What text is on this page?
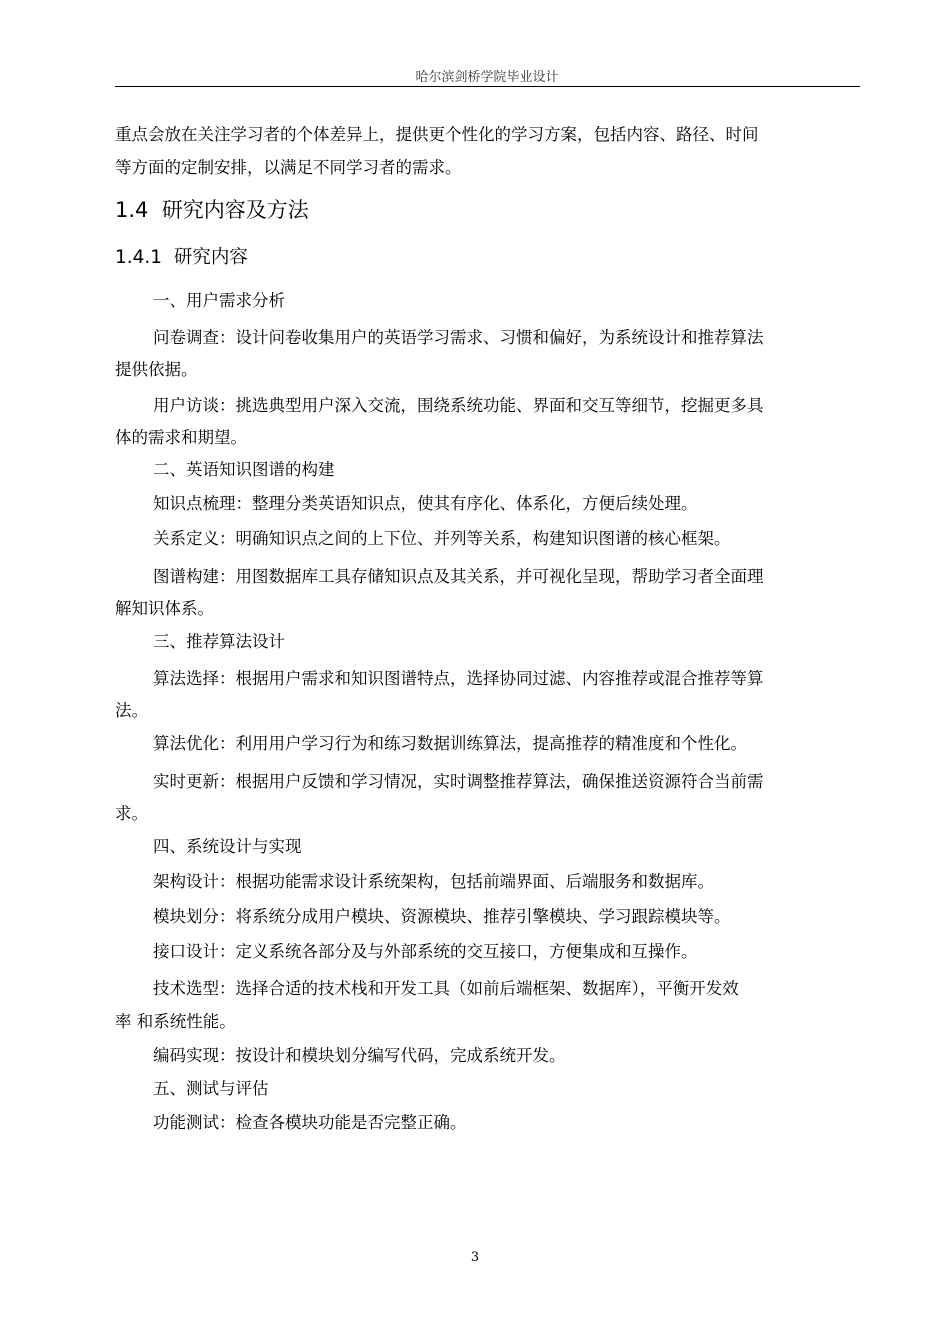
哈尔滨剑桥学院毕业设计
重点会放在关注学习者的个体差异上，提供更个性化的学习方案，包括内容、路径、时间
等方面的定制安排，以满足不同学习者的需求。
1.4 研究内容及方法
1.4.1 研究内容
一、用户需求分析
问卷调查：设计问卷收集用户的英语学习需求、习惯和偏好，为系统设计和推荐算法
提供依据。
用户访谈：挑选典型用户深入交流，围绕系统功能、界面和交互等细节，挖掘更多具
体的需求和期望。
二、英语知识图谱的构建
知识点梳理：整理分类英语知识点，使其有序化、体系化，方便后续处理。
关系定义：明确知识点之间的上下位、并列等关系，构建知识图谱的核心框架。
图谱构建：用图数据库工具存储知识点及其关系，并可视化呈现，帮助学习者全面理
解知识体系。
三、推荐算法设计
算法选择：根据用户需求和知识图谱特点，选择协同过滤、内容推荐或混合推荐等算
法。
算法优化：利用用户学习行为和练习数据训练算法，提高推荐的精准度和个性化。
实时更新：根据用户反馈和学习情况，实时调整推荐算法，确保推送资源符合当前需
求。
四、系统设计与实现
架构设计：根据功能需求设计系统架构，包括前端界面、后端服务和数据库。
模块划分：将系统分成用户模块、资源模块、推荐引擎模块、学习跟踪模块等。
接口设计：定义系统各部分及与外部系统的交互接口，方便集成和互操作。
技术选型：选择合适的技术栈和开发工具（如前后端框架、数据库），平衡开发效
率 和系统性能。
编码实现：按设计和模块划分编写代码，完成系统开发。
五、测试与评估
功能测试：检查各模块功能是否完整正确。
3
